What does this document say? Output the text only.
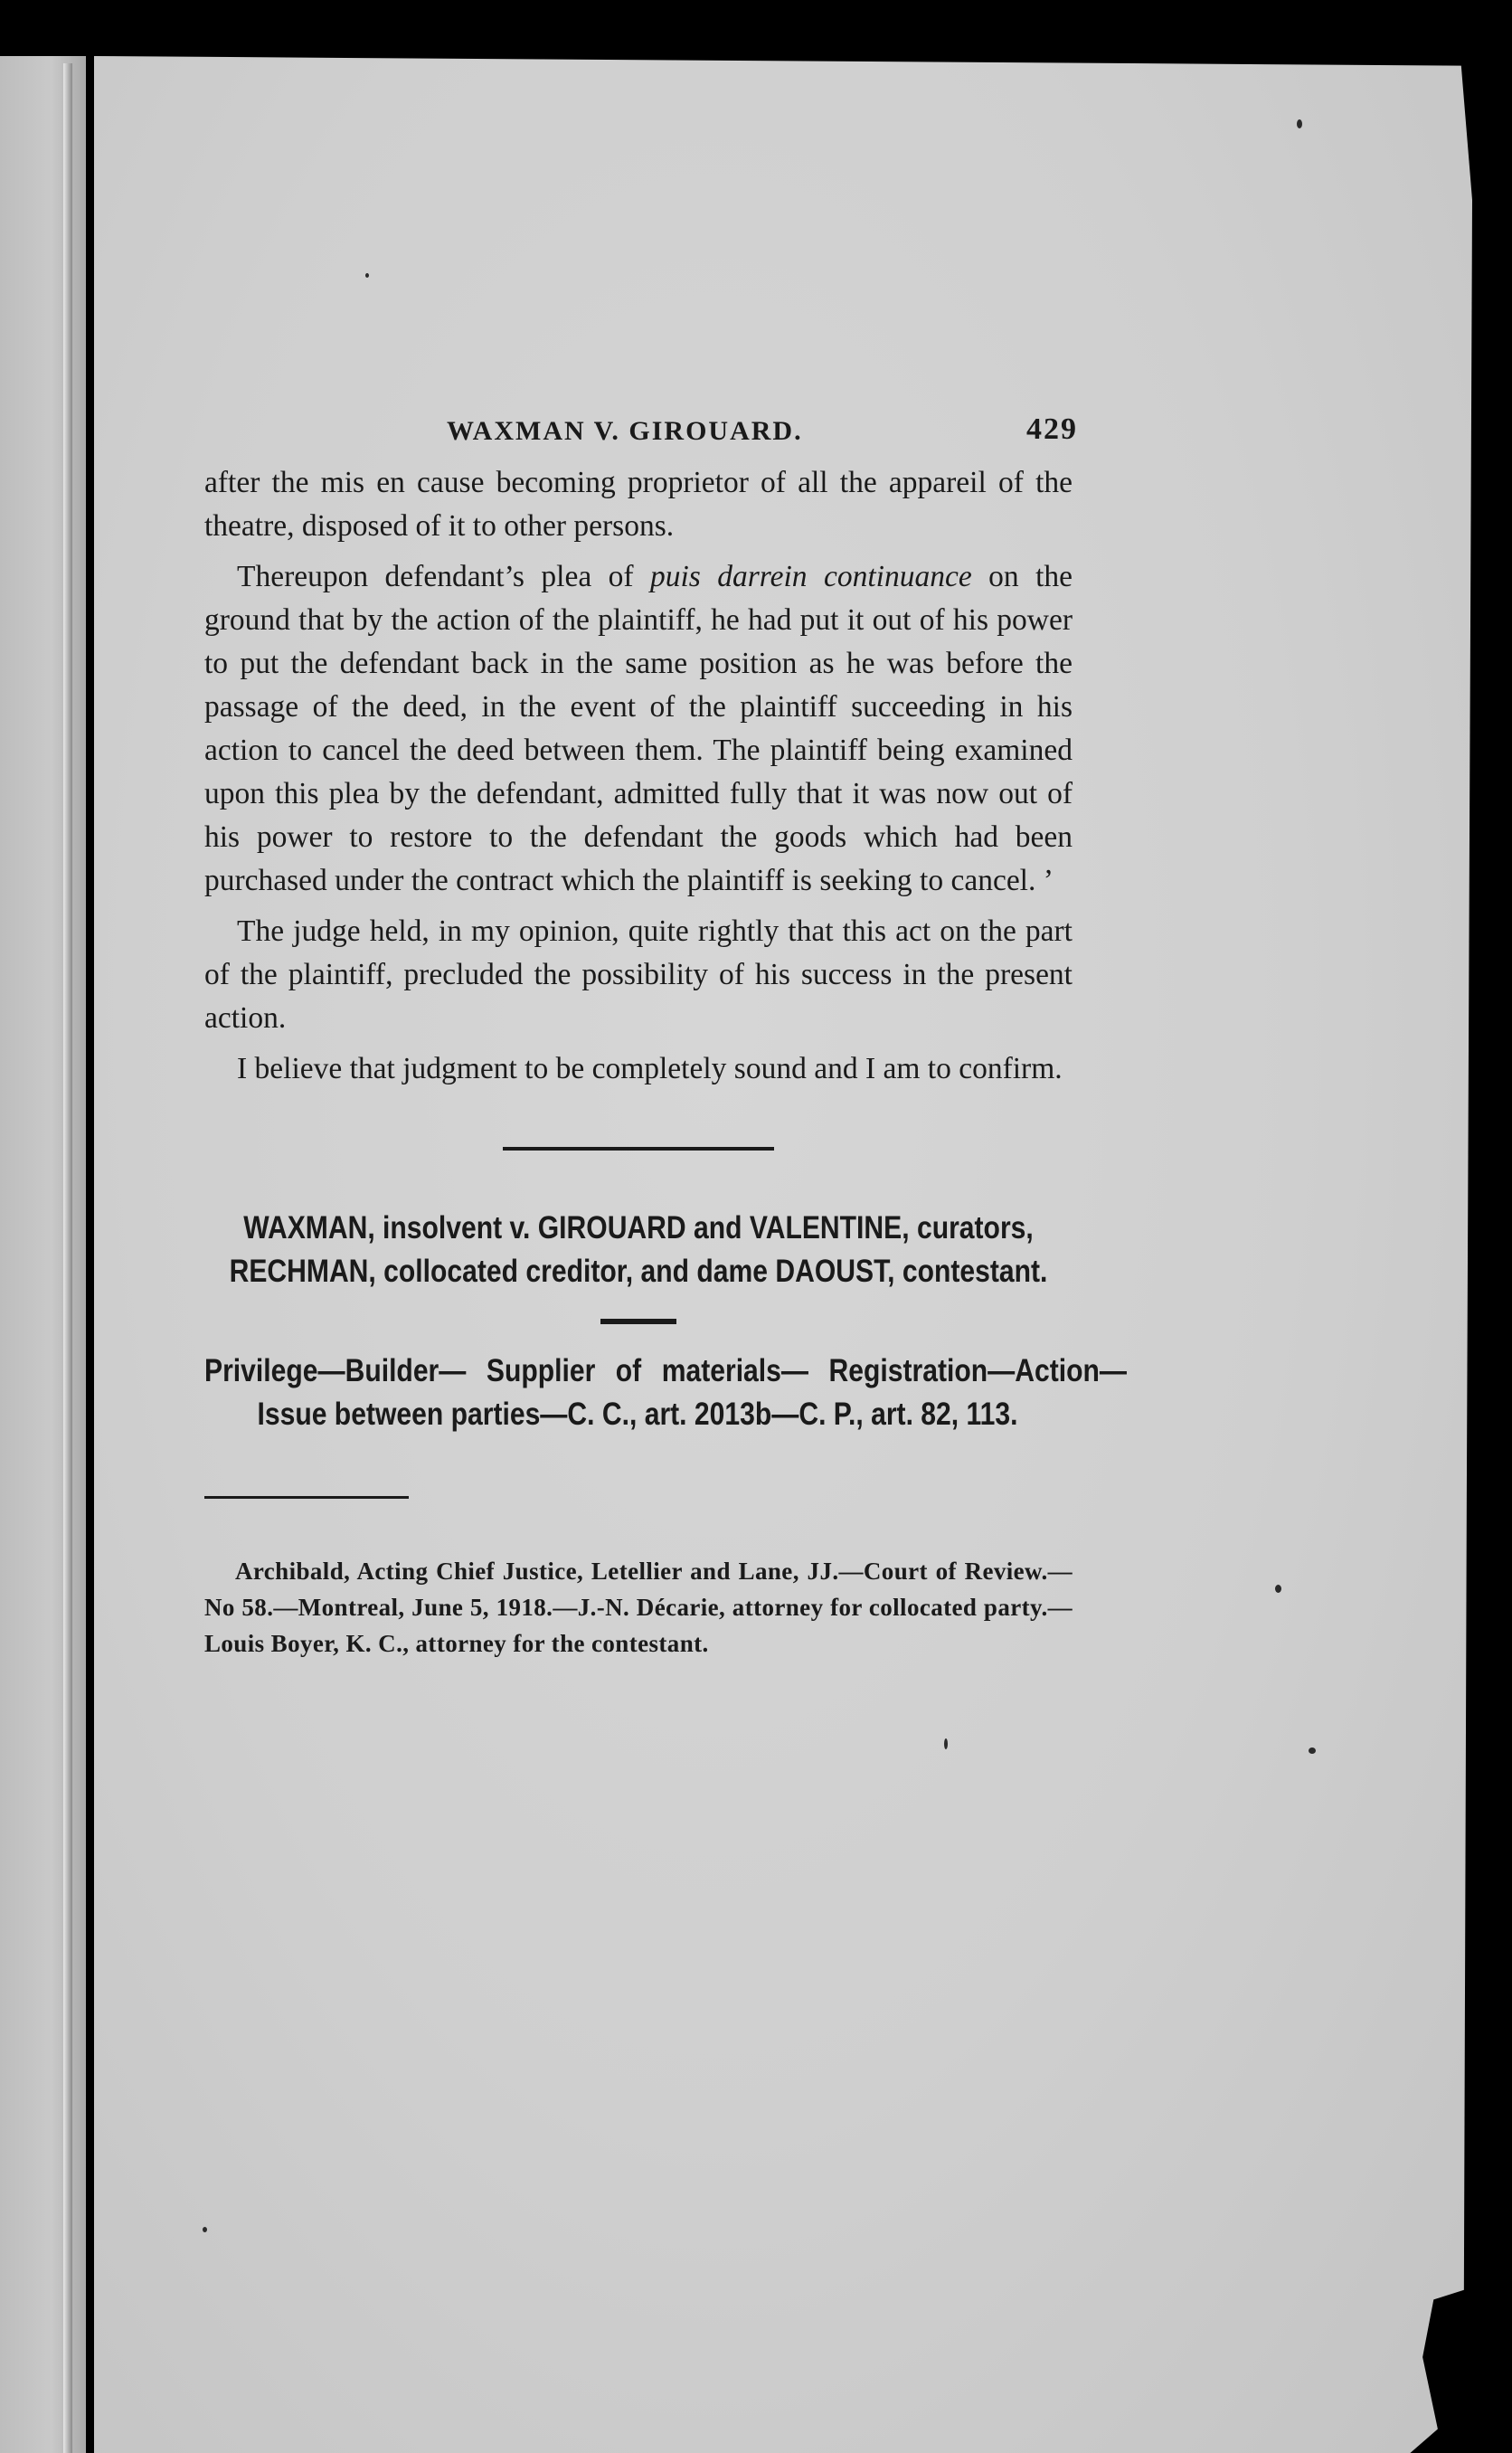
WAXMAN V. GIROUARD.	429

after the mis en cause becoming proprietor of all the appareil of the theatre, disposed of it to other persons.

Thereupon defendant’s plea of puis darrein continuance on the ground that by the action of the plaintiff, he had put it out of his power to put the defendant back in the same position as he was before the passage of the deed, in the event of the plaintiff succeeding in his action to cancel the deed between them. The plaintiff being examined upon this plea by the defendant, admitted fully that it was now out of his power to restore to the defendant the goods which had been purchased under the contract which the plaintiff is seeking to cancel. ’

The judge held, in my opinion, quite rightly that this act on the part of the plaintiff, precluded the possibility of his success in the present action.

I believe that judgment to be completely sound and I am to confirm.

WAXMAN, insolvent v. GIROUARD and VALENTINE, curators, RECHMAN, collocated creditor, and dame DAOUST, contestant.
Privilege—Builder— Supplier of materials— Registration—Action—Issue between parties—C. C., art. 2013b—C. P., art. 82, 113.
Archibald, Acting Chief Justice, Letellier and Lane, JJ.—Court of Review.—No 58.—Montreal, June 5, 1918.—J.-N. Décarie, attorney for collocated party.—Louis Boyer, K. C., attorney for the contestant.
